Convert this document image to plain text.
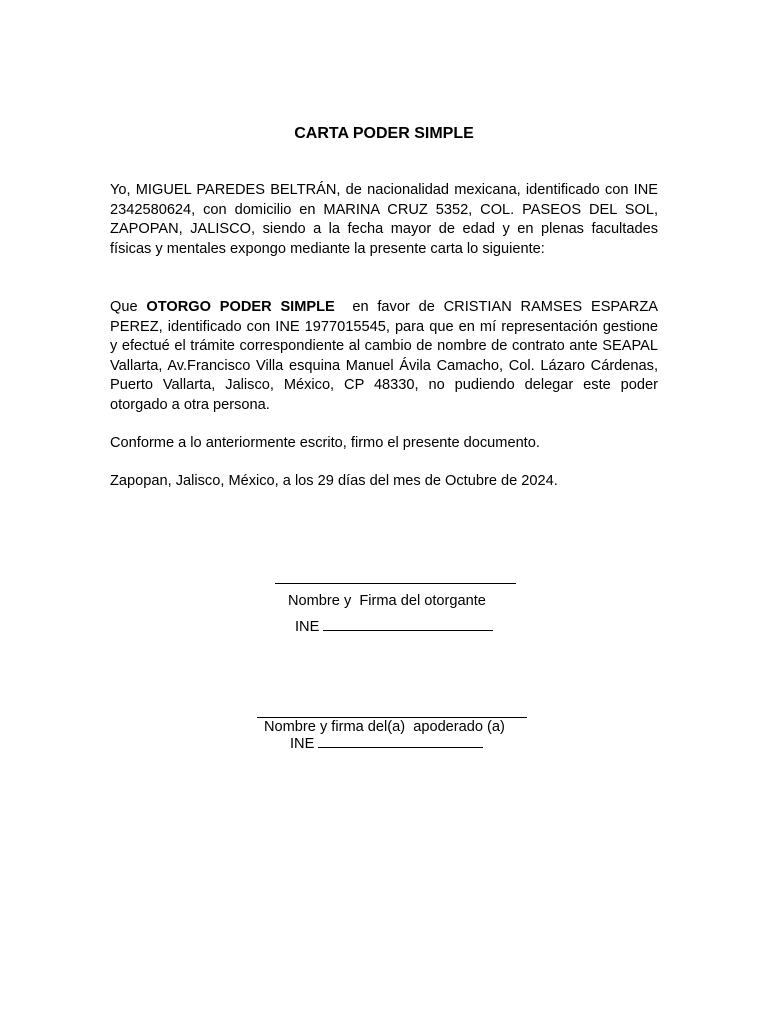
CARTA PODER SIMPLE
Yo, MIGUEL PAREDES BELTRÁN, de nacionalidad mexicana, identificado con INE 2342580624, con domicilio en MARINA CRUZ 5352, COL. PASEOS DEL SOL, ZAPOPAN, JALISCO, siendo a la fecha mayor de edad y en plenas facultades físicas y mentales expongo mediante la presente carta lo siguiente:
Que OTORGO PODER SIMPLE  en favor de CRISTIAN RAMSES ESPARZA PEREZ, identificado con INE 1977015545, para que en mí representación gestione y efectué el trámite correspondiente al cambio de nombre de contrato ante SEAPAL Vallarta, Av.Francisco Villa esquina Manuel Ávila Camacho, Col. Lázaro Cárdenas, Puerto Vallarta, Jalisco, México, CP 48330, no pudiendo delegar este poder otorgado a otra persona.
Conforme a lo anteriormente escrito, firmo el presente documento.
Zapopan, Jalisco, México, a los 29 días del mes de Octubre de 2024.
Nombre y  Firma del otorgante
INE
Nombre y firma del(a)  apoderado (a)
INE
